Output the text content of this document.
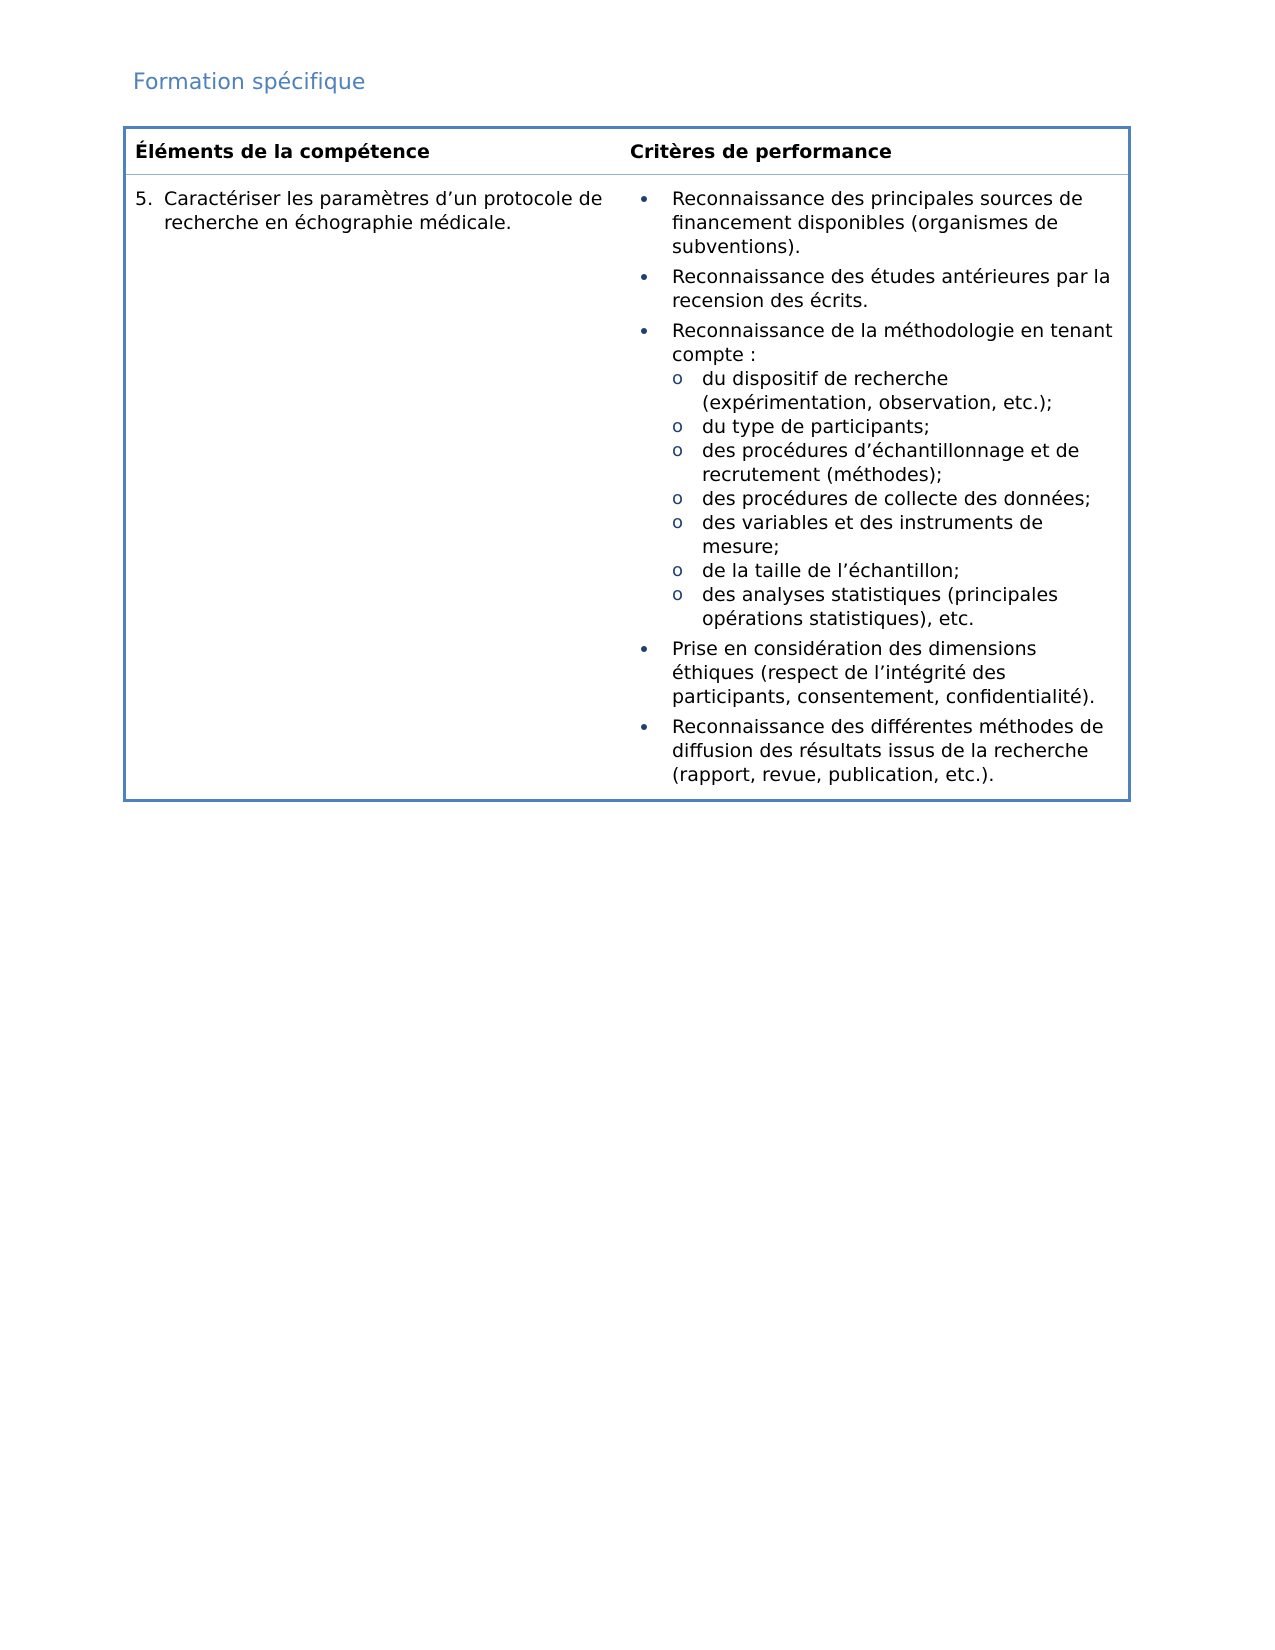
Formation spécifique
Éléments de la compétence	Critères de performance
5. Caractériser les paramètres d’un protocole de recherche en échographie médicale.
Reconnaissance des principales sources de financement disponibles (organismes de subventions).
Reconnaissance des études antérieures par la recension des écrits.
Reconnaissance de la méthodologie en tenant compte :
o du dispositif de recherche (expérimentation, observation, etc.);
o du type de participants;
o des procédures d’échantillonnage et de recrutement (méthodes);
o des procédures de collecte des données;
o des variables et des instruments de mesure;
o de la taille de l’échantillon;
o des analyses statistiques (principales opérations statistiques), etc.
Prise en considération des dimensions éthiques (respect de l’intégrité des participants, consentement, confidentialité).
Reconnaissance des différentes méthodes de diffusion des résultats issus de la recherche (rapport, revue, publication, etc.).
